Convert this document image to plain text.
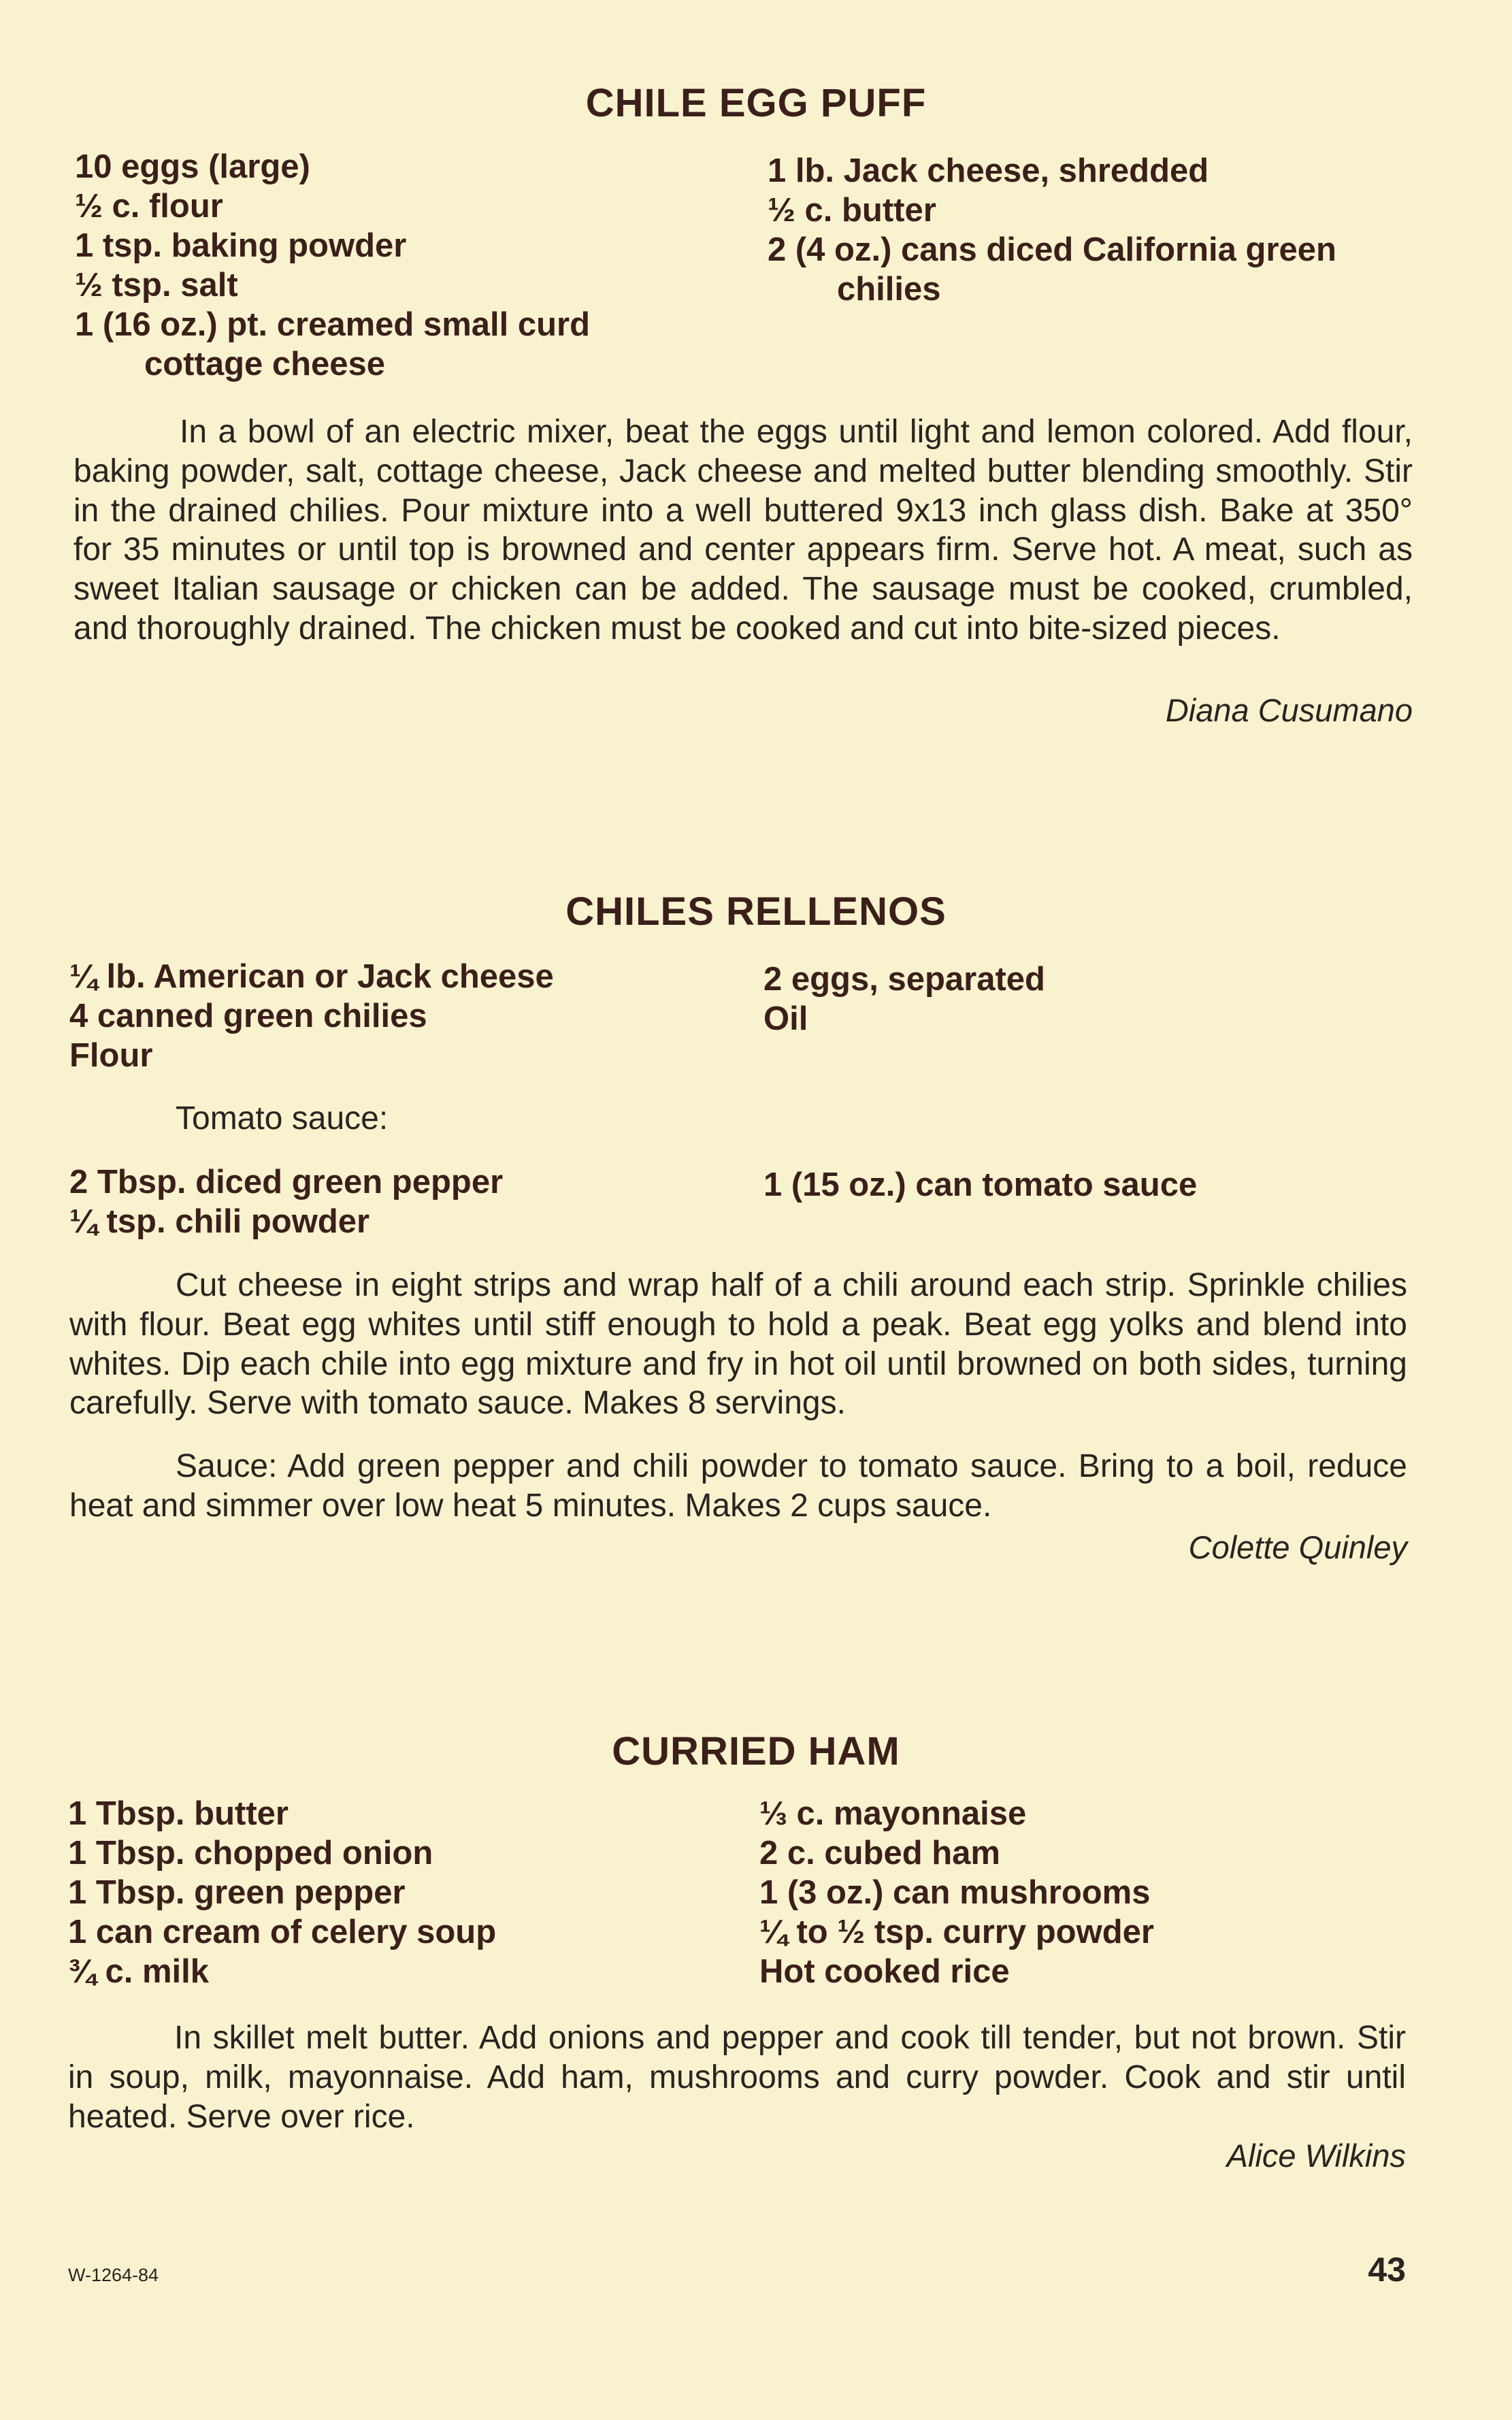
CHILE EGG PUFF
10 eggs (large)
½ c. flour
1 tsp. baking powder
½ tsp. salt
1 (16 oz.) pt. creamed small curd
cottage cheese
1 lb. Jack cheese, shredded
½ c. butter
2 (4 oz.) cans diced California green
chilies
In a bowl of an electric mixer, beat the eggs until light and lemon colored. Add flour, baking powder, salt, cottage cheese, Jack cheese and melted butter blending smoothly. Stir in the drained chilies. Pour mixture into a well buttered 9x13 inch glass dish. Bake at 350° for 35 minutes or until top is browned and center appears firm. Serve hot. A meat, such as sweet Italian sausage or chicken can be added. The sausage must be cooked, crumbled, and thoroughly drained. The chicken must be cooked and cut into bite-sized pieces.
Diana Cusumano
CHILES RELLENOS
¼ lb. American or Jack cheese
4 canned green chilies
Flour
2 eggs, separated
Oil
Tomato sauce:
2 Tbsp. diced green pepper
¼ tsp. chili powder
1 (15 oz.) can tomato sauce
Cut cheese in eight strips and wrap half of a chili around each strip. Sprinkle chilies with flour. Beat egg whites until stiff enough to hold a peak. Beat egg yolks and blend into whites. Dip each chile into egg mixture and fry in hot oil until browned on both sides, turning carefully. Serve with tomato sauce. Makes 8 servings.
Sauce: Add green pepper and chili powder to tomato sauce. Bring to a boil, reduce heat and simmer over low heat 5 minutes. Makes 2 cups sauce.
Colette Quinley
CURRIED HAM
1 Tbsp. butter
1 Tbsp. chopped onion
1 Tbsp. green pepper
1 can cream of celery soup
¾ c. milk
⅓ c. mayonnaise
2 c. cubed ham
1 (3 oz.) can mushrooms
¼ to ½ tsp. curry powder
Hot cooked rice
In skillet melt butter. Add onions and pepper and cook till tender, but not brown. Stir in soup, milk, mayonnaise. Add ham, mushrooms and curry powder. Cook and stir until heated. Serve over rice.
Alice Wilkins
W-1264-84	43
